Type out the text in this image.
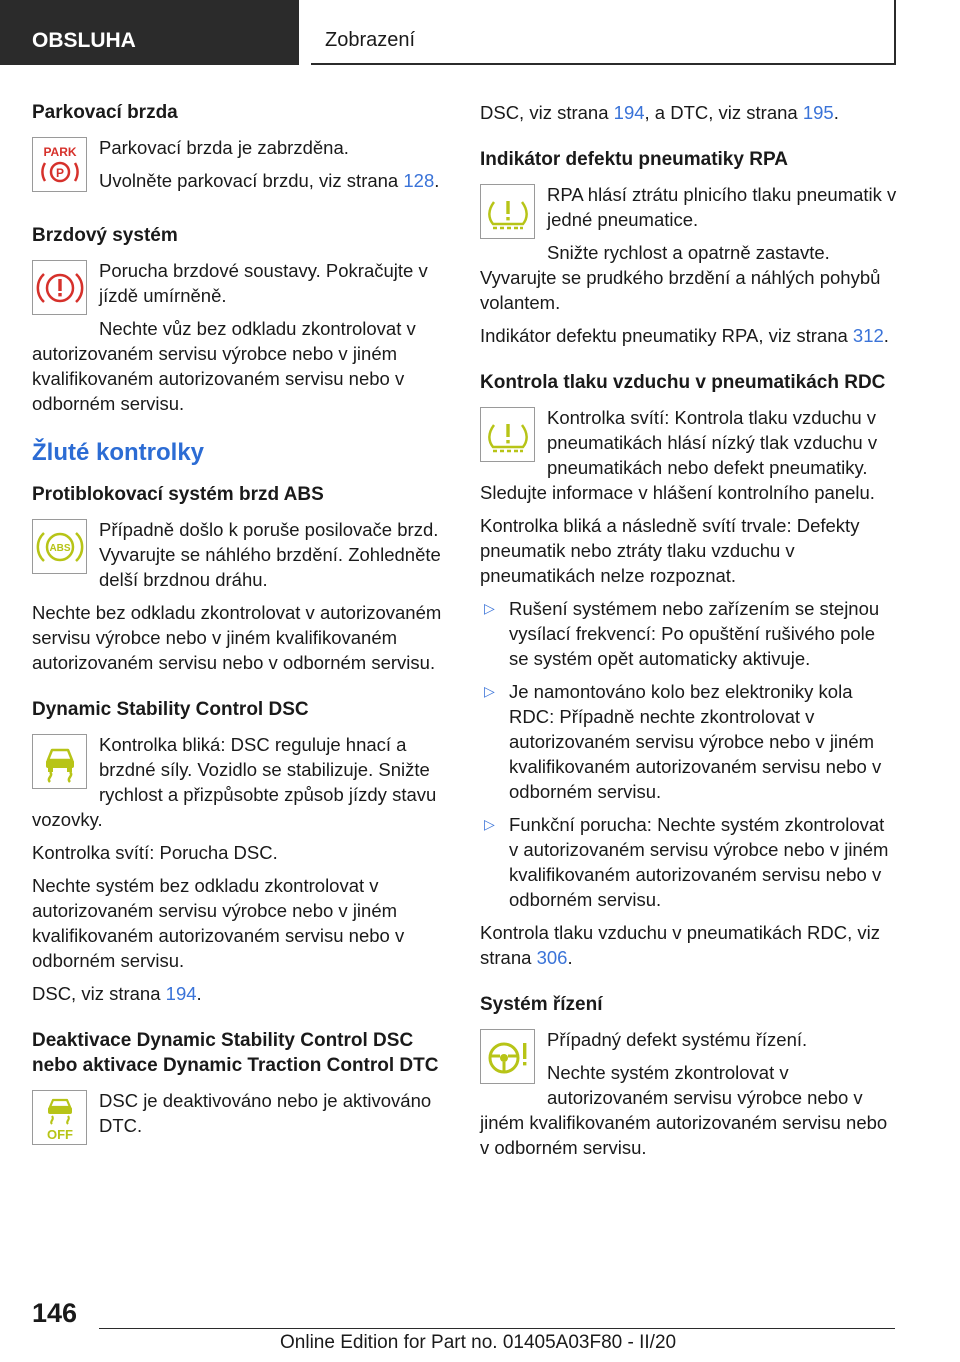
OBSLUHA	Zobrazení
Parkovací brzda
PARK
P

Parkovací brzda je zabrzděna.

Uvolněte parkovací brzdu, viz strana 128.

Brzdový systém

Porucha brzdové soustavy. Pokračujte v jízdě umírněně.

Nechte vůz bez odkladu zkontrolovat v autorizovaném servisu výrobce nebo v jiném kvalifikovaném autorizovaném servisu nebo v odborném servisu.

Žluté kontrolky
Protiblokovací systém brzd ABS
ABS

Případně došlo k poruše posilovače brzd. Vyvarujte se náhlého brzdění. Zohledněte delší brzdnou dráhu.

Nechte bez odkladu zkontrolovat v autorizovaném servisu výrobce nebo v jiném kvalifikovaném autorizovaném servisu nebo v odborném servisu.

Dynamic Stability Control DSC

Kontrolka bliká: DSC reguluje hnací a brzdné síly. Vozidlo se stabilizuje. Snižte rychlost a přizpůsobte způsob jízdy stavu vozovky.

Kontrolka svítí: Porucha DSC.

Nechte systém bez odkladu zkontrolovat v autorizovaném servisu výrobce nebo v jiném kvalifikovaném autorizovaném servisu nebo v odborném servisu.

DSC, viz strana 194.

Deaktivace Dynamic Stability Control DSC nebo aktivace Dynamic Traction Control DTC
OFF

DSC je deaktivováno nebo je aktivováno DTC.

DSC, viz strana 194, a DTC, viz strana 195.

Indikátor defektu pneumatiky RPA

RPA hlásí ztrátu plnicího tlaku pneumatik v jedné pneumatice.

Snižte rychlost a opatrně zastavte. Vyvarujte se prudkého brzdění a náhlých pohybů volantem.

Indikátor defektu pneumatiky RPA, viz strana 312.

Kontrola tlaku vzduchu v pneumatikách RDC

Kontrolka svítí: Kontrola tlaku vzduchu v pneumatikách hlásí nízký tlak vzduchu v pneumatikách nebo defekt pneumatiky. Sledujte informace v hlášení kontrolního panelu.

Kontrolka bliká a následně svítí trvale: Defekty pneumatik nebo ztráty tlaku vzduchu v pneumatikách nelze rozpoznat.

▷ Rušení systémem nebo zařízením se stejnou vysílací frekvencí: Po opuštění rušivého pole se systém opět automaticky aktivuje.
▷ Je namontováno kolo bez elektroniky kola RDC: Případně nechte zkontrolovat v autorizovaném servisu výrobce nebo v jiném kvalifikovaném autorizovaném servisu nebo v odborném servisu.
▷ Funkční porucha: Nechte systém zkontrolovat v autorizovaném servisu výrobce nebo v jiném kvalifikovaném autorizovaném servisu nebo v odborném servisu.

Kontrola tlaku vzduchu v pneumatikách RDC, viz strana 306.

Systém řízení

Případný defekt systému řízení.

Nechte systém zkontrolovat v autorizovaném servisu výrobce nebo v jiném kvalifikovaném autorizovaném servisu nebo v odborném servisu.

146
Online Edition for Part no. 01405A03F80 - II/20
